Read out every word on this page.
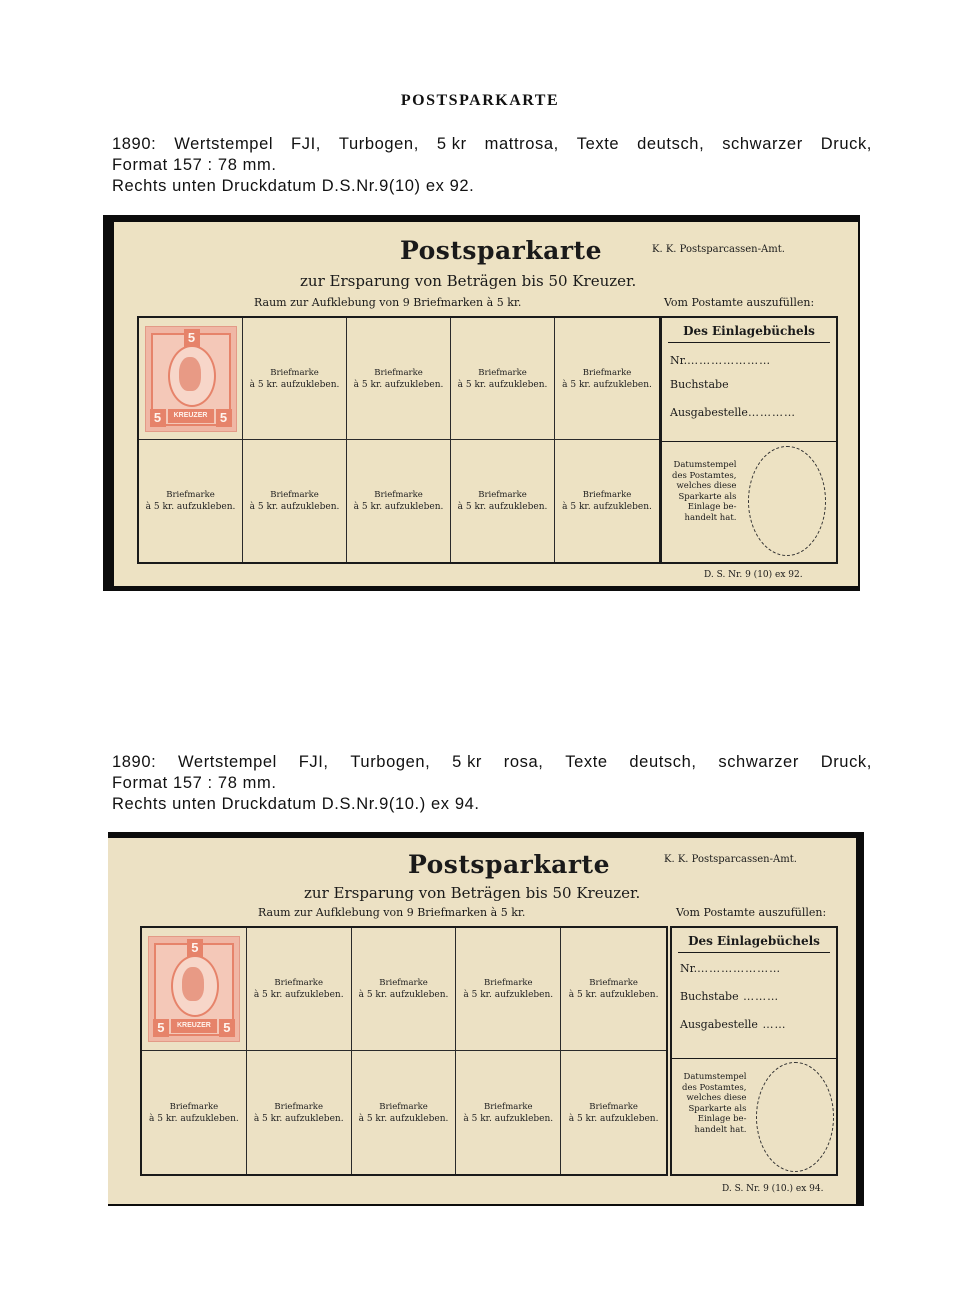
POSTSPARKARTE
1890: Wertstempel FJI, Turbogen, 5 kr mattrosa, Texte deutsch, schwarzer Druck,
Format 157 : 78 mm.
Rechts unten Druckdatum D.S.Nr.9(10) ex 92.
Postsparkarte	K. K. Postsparcassen-Amt.
zur Ersparung von Beträgen bis 50 Kreuzer.
Raum zur Aufklebung von 9 Briefmarken à 5 kr.	Vom Postamte auszufüllen:
5
5	5
KREUZER
Briefmarke
à 5 kr. aufzukleben.
Briefmarke
à 5 kr. aufzukleben.
Briefmarke
à 5 kr. aufzukleben.
Briefmarke
à 5 kr. aufzukleben.
Briefmarke
à 5 kr. aufzukleben.
Briefmarke
à 5 kr. aufzukleben.
Briefmarke
à 5 kr. aufzukleben.
Briefmarke
à 5 kr. aufzukleben.
Briefmarke
à 5 kr. aufzukleben.
Des Einlagebüchels
Nr.…………………
Buchstabe
Ausgabestelle…………
Datumstempel
des Postamtes,
welches diese
Sparkarte als
Einlage be-
handelt hat.
D. S. Nr. 9 (10) ex 92.
1890: Wertstempel FJI, Turbogen, 5 kr rosa, Texte deutsch, schwarzer Druck,
Format 157 : 78 mm.
Rechts unten Druckdatum D.S.Nr.9(10.) ex 94.
Postsparkarte	K. K. Postsparcassen-Amt.
zur Ersparung von Beträgen bis 50 Kreuzer.
Raum zur Aufklebung von 9 Briefmarken à 5 kr.	Vom Postamte auszufüllen:
5
5	5
KREUZER
Briefmarke
à 5 kr. aufzukleben.
Briefmarke
à 5 kr. aufzukleben.
Briefmarke
à 5 kr. aufzukleben.
Briefmarke
à 5 kr. aufzukleben.
Briefmarke
à 5 kr. aufzukleben.
Briefmarke
à 5 kr. aufzukleben.
Briefmarke
à 5 kr. aufzukleben.
Briefmarke
à 5 kr. aufzukleben.
Briefmarke
à 5 kr. aufzukleben.
Des Einlagebüchels
Nr.…………………
Buchstabe ………
Ausgabestelle ……
Datumstempel
des Postamtes,
welches diese
Sparkarte als
Einlage be-
handelt hat.
D. S. Nr. 9 (10.) ex 94.
